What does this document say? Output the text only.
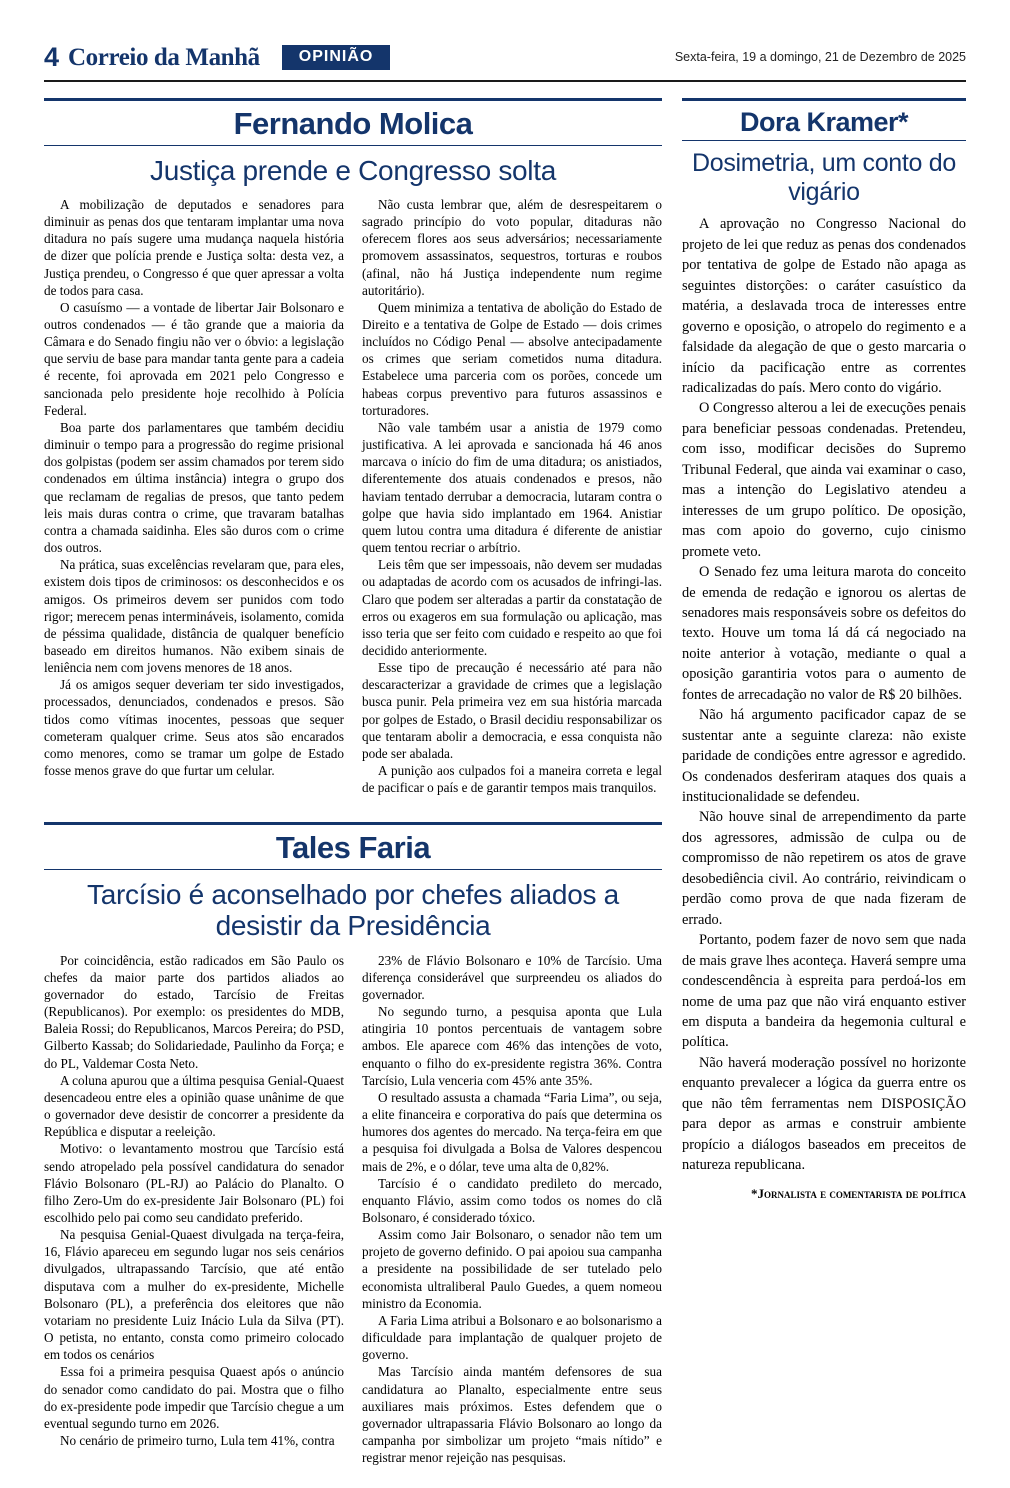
4 Correio da Manhã	OPINIÃO	Sexta-feira, 19 a domingo, 21 de Dezembro de 2025
Fernando Molica
Justiça prende e Congresso solta

A mobilização de deputados e senadores para diminuir as penas dos que tentaram implantar uma nova ditadura no país sugere uma mudança naquela história de dizer que polícia prende e Justiça solta: desta vez, a Justiça prendeu, o Congresso é que quer apressar a volta de todos para casa.

O casuísmo — a vontade de libertar Jair Bolsonaro e outros condenados — é tão grande que a maioria da Câmara e do Senado fingiu não ver o óbvio: a legislação que serviu de base para mandar tanta gente para a cadeia é recente, foi aprovada em 2021 pelo Congresso e sancionada pelo presidente hoje recolhido à Polícia Federal.

Boa parte dos parlamentares que também decidiu diminuir o tempo para a progressão do regime prisional dos golpistas (podem ser assim chamados por terem sido condenados em última instância) integra o grupo dos que reclamam de regalias de presos, que tanto pedem leis mais duras contra o crime, que travaram batalhas contra a chamada saidinha. Eles são duros com o crime dos outros.

Na prática, suas excelências revelaram que, para eles, existem dois tipos de criminosos: os desconhecidos e os amigos. Os primeiros devem ser punidos com todo rigor; merecem penas intermináveis, isolamento, comida de péssima qualidade, distância de qualquer benefício baseado em direitos humanos. Não exibem sinais de leniência nem com jovens menores de 18 anos.

Já os amigos sequer deveriam ter sido investigados, processados, denunciados, condenados e presos. São tidos como vítimas inocentes, pessoas que sequer cometeram qualquer crime. Seus atos são encarados como menores, como se tramar um golpe de Estado fosse menos grave do que furtar um celular.

Não custa lembrar que, além de desrespeitarem o sagrado princípio do voto popular, ditaduras não oferecem flores aos seus adversários; necessariamente promovem assassinatos, sequestros, torturas e roubos (afinal, não há Justiça independente num regime autoritário).

Quem minimiza a tentativa de abolição do Estado de Direito e a tentativa de Golpe de Estado — dois crimes incluídos no Código Penal — absolve antecipadamente os crimes que seriam cometidos numa ditadura. Estabelece uma parceria com os porões, concede um habeas corpus preventivo para futuros assassinos e torturadores.

Não vale também usar a anistia de 1979 como justificativa. A lei aprovada e sancionada há 46 anos marcava o início do fim de uma ditadura; os anistiados, diferentemente dos atuais condenados e presos, não haviam tentado derrubar a democracia, lutaram contra o golpe que havia sido implantado em 1964. Anistiar quem lutou contra uma ditadura é diferente de anistiar quem tentou recriar o arbítrio.

Leis têm que ser impessoais, não devem ser mudadas ou adaptadas de acordo com os acusados de infringi-las. Claro que podem ser alteradas a partir da constatação de erros ou exageros em sua formulação ou aplicação, mas isso teria que ser feito com cuidado e respeito ao que foi decidido anteriormente.

Esse tipo de precaução é necessário até para não descaracterizar a gravidade de crimes que a legislação busca punir. Pela primeira vez em sua história marcada por golpes de Estado, o Brasil decidiu responsabilizar os que tentaram abolir a democracia, e essa conquista não pode ser abalada.

A punição aos culpados foi a maneira correta e legal de pacificar o país e de garantir tempos mais tranquilos.

Tales Faria
Tarcísio é aconselhado por chefes aliados a desistir da Presidência

Por coincidência, estão radicados em São Paulo os chefes da maior parte dos partidos aliados ao governador do estado, Tarcísio de Freitas (Republicanos). Por exemplo: os presidentes do MDB, Baleia Rossi; do Republicanos, Marcos Pereira; do PSD, Gilberto Kassab; do Solidariedade, Paulinho da Força; e do PL, Valdemar Costa Neto.

A coluna apurou que a última pesquisa Genial-Quaest desencadeou entre eles a opinião quase unânime de que o governador deve desistir de concorrer a presidente da República e disputar a reeleição.

Motivo: o levantamento mostrou que Tarcísio está sendo atropelado pela possível candidatura do senador Flávio Bolsonaro (PL-RJ) ao Palácio do Planalto. O filho Zero-Um do ex-presidente Jair Bolsonaro (PL) foi escolhido pelo pai como seu candidato preferido.

Na pesquisa Genial-Quaest divulgada na terça-feira, 16, Flávio apareceu em segundo lugar nos seis cenários divulgados, ultrapassando Tarcísio, que até então disputava com a mulher do ex-presidente, Michelle Bolsonaro (PL), a preferência dos eleitores que não votariam no presidente Luiz Inácio Lula da Silva (PT). O petista, no entanto, consta como primeiro colocado em todos os cenários

Essa foi a primeira pesquisa Quaest após o anúncio do senador como candidato do pai. Mostra que o filho do ex-presidente pode impedir que Tarcísio chegue a um eventual segundo turno em 2026.

No cenário de primeiro turno, Lula tem 41%, contra

23% de Flávio Bolsonaro e 10% de Tarcísio. Uma diferença considerável que surpreendeu os aliados do governador.

No segundo turno, a pesquisa aponta que Lula atingiria 10 pontos percentuais de vantagem sobre ambos. Ele aparece com 46% das intenções de voto, enquanto o filho do ex-presidente registra 36%. Contra Tarcísio, Lula venceria com 45% ante 35%.

O resultado assusta a chamada “Faria Lima”, ou seja, a elite financeira e corporativa do país que determina os humores dos agentes do mercado. Na terça-feira em que a pesquisa foi divulgada a Bolsa de Valores despencou mais de 2%, e o dólar, teve uma alta de 0,82%.

Tarcísio é o candidato predileto do mercado, enquanto Flávio, assim como todos os nomes do clã Bolsonaro, é considerado tóxico.

Assim como Jair Bolsonaro, o senador não tem um projeto de governo definido. O pai apoiou sua campanha a presidente na possibilidade de ser tutelado pelo economista ultraliberal Paulo Guedes, a quem nomeou ministro da Economia.

A Faria Lima atribui a Bolsonaro e ao bolsonarismo a dificuldade para implantação de qualquer projeto de governo.

Mas Tarcísio ainda mantém defensores de sua candidatura ao Planalto, especialmente entre seus auxiliares mais próximos. Estes defendem que o governador ultrapassaria Flávio Bolsonaro ao longo da campanha por simbolizar um projeto “mais nítido” e registrar menor rejeição nas pesquisas.

Dora Kramer*
Dosimetria, um conto do vigário

A aprovação no Congresso Nacional do projeto de lei que reduz as penas dos condenados por tentativa de golpe de Estado não apaga as seguintes distorções: o caráter casuístico da matéria, a deslavada troca de interesses entre governo e oposição, o atropelo do regimento e a falsidade da alegação de que o gesto marcaria o início da pacificação entre as correntes radicalizadas do país. Mero conto do vigário.

O Congresso alterou a lei de execuções penais para beneficiar pessoas condenadas. Pretendeu, com isso, modificar decisões do Supremo Tribunal Federal, que ainda vai examinar o caso, mas a intenção do Legislativo atendeu a interesses de um grupo político. De oposição, mas com apoio do governo, cujo cinismo promete veto.

O Senado fez uma leitura marota do conceito de emenda de redação e ignorou os alertas de senadores mais responsáveis sobre os defeitos do texto. Houve um toma lá dá cá negociado na noite anterior à votação, mediante o qual a oposição garantiria votos para o aumento de fontes de arrecadação no valor de R$ 20 bilhões.

Não há argumento pacificador capaz de se sustentar ante a seguinte clareza: não existe paridade de condições entre agressor e agredido. Os condenados desferiram ataques dos quais a institucionalidade se defendeu.

Não houve sinal de arrependimento da parte dos agressores, admissão de culpa ou de compromisso de não repetirem os atos de grave desobediência civil. Ao contrário, reivindicam o perdão como prova de que nada fizeram de errado.

Portanto, podem fazer de novo sem que nada de mais grave lhes aconteça. Haverá sempre uma condescendência à espreita para perdoá-los em nome de uma paz que não virá enquanto estiver em disputa a bandeira da hegemonia cultural e política.

Não haverá moderação possível no horizonte enquanto prevalecer a lógica da guerra entre os que não têm ferramentas nem DISPOSIÇÃO para depor as armas e construir ambiente propício a diálogos baseados em preceitos de natureza republicana.

*Jornalista e comentarista de política
